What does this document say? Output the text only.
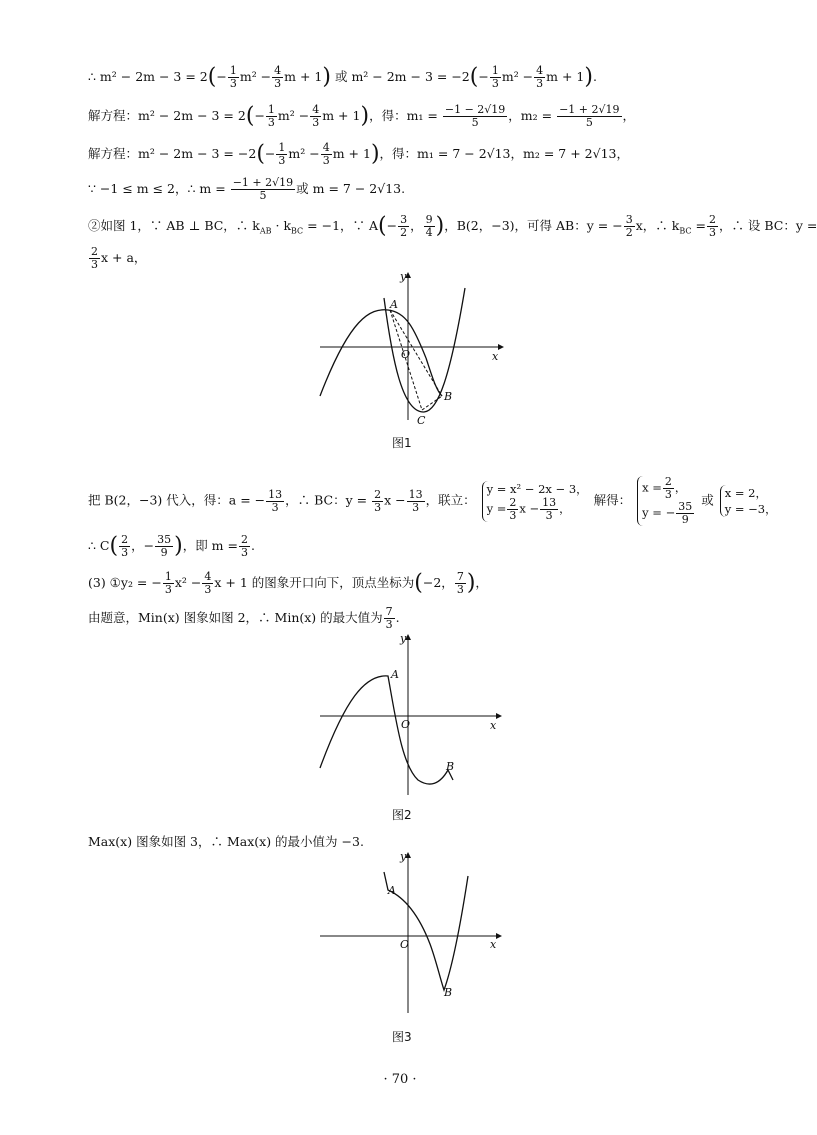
∴ $m^2 - 2m - 3 = 2(- \frac{1}{3} m^2 - \frac{4}{3}$ m + 1) 或 $m^2 - 2m - 3 = -2(- \frac{1}{3} m^2 - \frac{4}{3}$ m + 1).
解方程：$m^2 - 2m - 3 = 2(- \frac{1}{3} m^2 - \frac{4}{3}$ m + 1)，得：$m_1 = \frac{-1 - 2√19}{5}$ ，$m_2 = \frac{-1 + 2√19}{5}$ ，
解方程：$m^2 - 2m - 3 = -2(- \frac{1}{3} m^2 - \frac{4}{3}$ m + 1)，得：m₁ = 7 − 2√13，m₂ = 7 + 2√13，
∵ −1 ≤ m ≤ 2，∴ $m = \frac{-1 + 2√19}{5}$ 或 m = 7 − 2√13.
②如图 1，∵ AB ⊥ BC，∴ $k_{AB} \cdot k_{BC} = -1$，∵ $A(- \frac{3}{2}$ ， $\frac{9}{4}$ )，B(2，−3)，可得 AB：y = − $\frac{3}{2}$ x，∴ $k_{BC} = \frac{2}{3}$ ，∴ 设 BC：y =
$\frac{2}{3}$ x + a，
y
x
O
A
B
C
图1
把 B(2，−3) 代入，得：a = − $\frac{13}{3}$ ，∴ BC：$y = \frac{2}{3}$ $x - \frac{13}{3}$ ，联立：
y = x² − 2x − 3，
$y = \frac{2}{3}$ $x - \frac{13}{3}$ ，
解得：
$x = \frac{2}{3}$ ，
y = − $\frac{35}{9}$
或 x = 2，
y = −3，
∴ $C( \frac{2}{3}$ ，− $\frac{35}{9}$ )，即 $m = \frac{2}{3}$ .
(3) ①y₂ = − $\frac{1}{3} x^2 - \frac{4}{3}$ x + 1 的图象开口向下，顶点坐标为(−2， $\frac{7}{3}$ )，
由题意，Min(x) 图象如图 2，∴ Min(x) 的最大值为 $\frac{7}{3}$ .
y
x
O
A
B
图2
Max(x) 图象如图 3，∴ Max(x) 的最小值为 −3.
y
x
O
A
B
图3
· 70 ·
